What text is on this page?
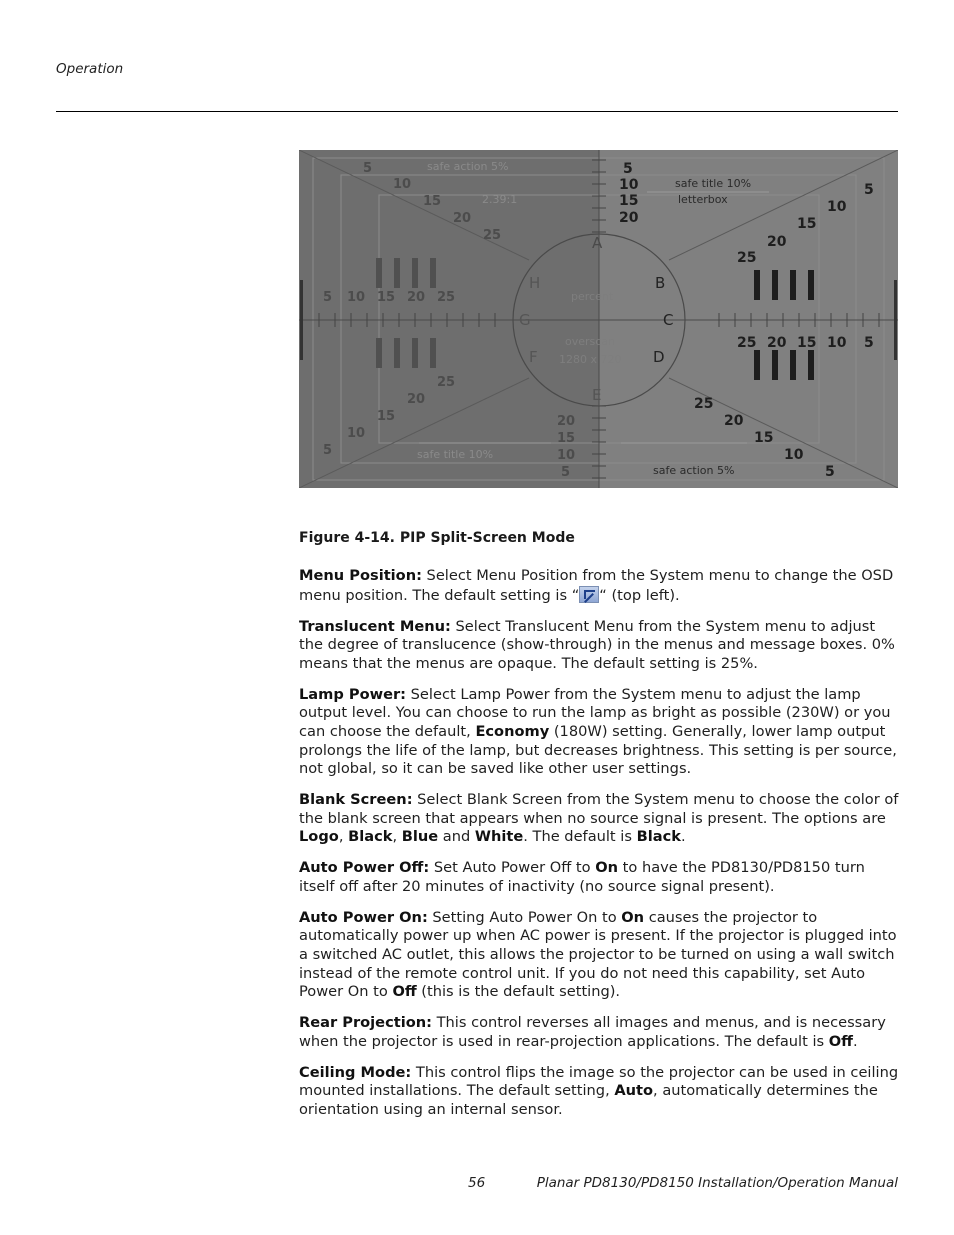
Operation
5
10
15
20
25
5 10 15 20 25
25
20
15
10
5
20
15
10
5
5
10
15
20
5
10
15
20
25
25 20 15 10 5
25
20
15
10
5
A
B
C
D
E
F
G
H
safe action 5%
2.39:1
safe title 10%
letterbox
percent
overscan
1280 x 720
safe title 10%
safe action 5%
Figure 4-14. PIP Split-Screen Mode

Menu Position: Select Menu Position from the System menu to change the OSD menu position. The default setting is “ “ (top left).

Translucent Menu: Select Translucent Menu from the System menu to adjust the degree of translucence (show-through) in the menus and message boxes. 0% means that the menus are opaque. The default setting is 25%.

Lamp Power: Select Lamp Power from the System menu to adjust the lamp output level. You can choose to run the lamp as bright as possible (230W) or you can choose the default, Economy (180W) setting. Generally, lower lamp output prolongs the life of the lamp, but decreases brightness. This setting is per source, not global, so it can be saved like other user settings.

Blank Screen: Select Blank Screen from the System menu to choose the color of the blank screen that appears when no source signal is present. The options are Logo, Black, Blue and White. The default is Black.

Auto Power Off: Set Auto Power Off to On to have the PD8130/PD8150 turn itself off after 20 minutes of inactivity (no source signal present).

Auto Power On: Setting Auto Power On to On causes the projector to automatically power up when AC power is present. If the projector is plugged into a switched AC outlet, this allows the projector to be turned on using a wall switch instead of the remote control unit. If you do not need this capability, set Auto Power On to Off (this is the default setting).

Rear Projection: This control reverses all images and menus, and is necessary when the projector is used in rear-projection applications. The default is Off.

Ceiling Mode: This control flips the image so the projector can be used in ceiling mounted installations. The default setting, Auto, automatically determines the orientation using an internal sensor.

56	Planar PD8130/PD8150 Installation/Operation Manual
